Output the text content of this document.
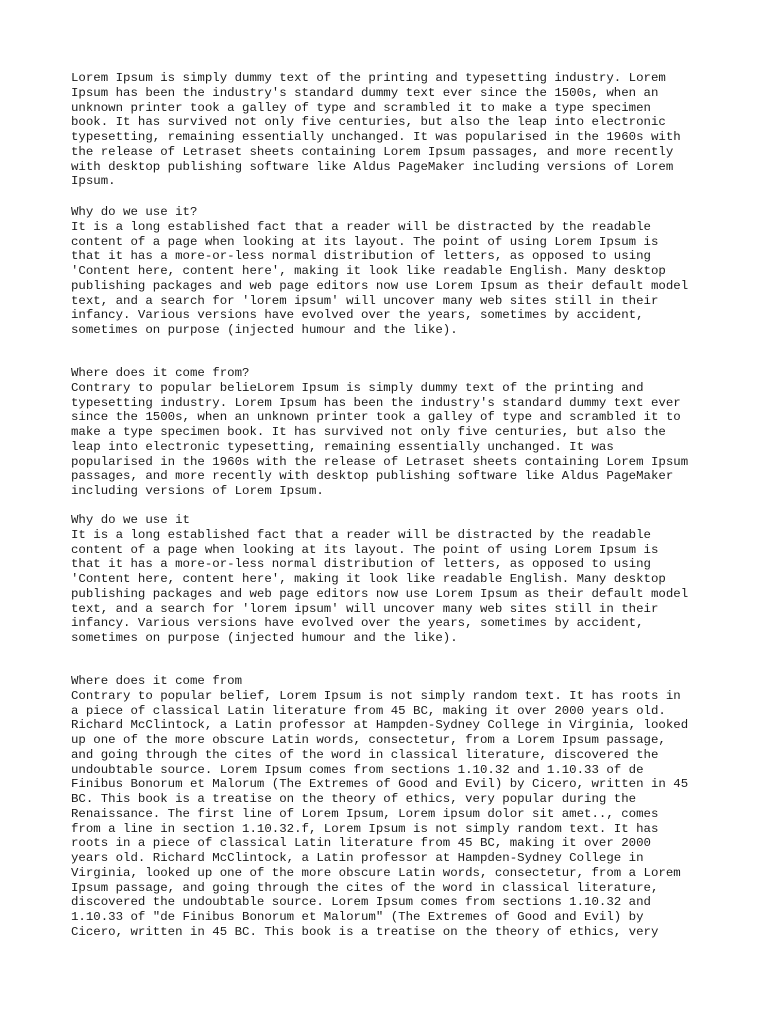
Lorem Ipsum is simply dummy text of the printing and typesetting industry. Lorem
Ipsum has been the industry's standard dummy text ever since the 1500s, when an
unknown printer took a galley of type and scrambled it to make a type specimen
book. It has survived not only five centuries, but also the leap into electronic
typesetting, remaining essentially unchanged. It was popularised in the 1960s with
the release of Letraset sheets containing Lorem Ipsum passages, and more recently
with desktop publishing software like Aldus PageMaker including versions of Lorem
Ipsum.
Why do we use it?
It is a long established fact that a reader will be distracted by the readable
content of a page when looking at its layout. The point of using Lorem Ipsum is
that it has a more-or-less normal distribution of letters, as opposed to using
'Content here, content here', making it look like readable English. Many desktop
publishing packages and web page editors now use Lorem Ipsum as their default model
text, and a search for 'lorem ipsum' will uncover many web sites still in their
infancy. Various versions have evolved over the years, sometimes by accident,
sometimes on purpose (injected humour and the like).
Where does it come from?
Contrary to popular belieLorem Ipsum is simply dummy text of the printing and
typesetting industry. Lorem Ipsum has been the industry's standard dummy text ever
since the 1500s, when an unknown printer took a galley of type and scrambled it to
make a type specimen book. It has survived not only five centuries, but also the
leap into electronic typesetting, remaining essentially unchanged. It was
popularised in the 1960s with the release of Letraset sheets containing Lorem Ipsum
passages, and more recently with desktop publishing software like Aldus PageMaker
including versions of Lorem Ipsum.
Why do we use it
It is a long established fact that a reader will be distracted by the readable
content of a page when looking at its layout. The point of using Lorem Ipsum is
that it has a more-or-less normal distribution of letters, as opposed to using
'Content here, content here', making it look like readable English. Many desktop
publishing packages and web page editors now use Lorem Ipsum as their default model
text, and a search for 'lorem ipsum' will uncover many web sites still in their
infancy. Various versions have evolved over the years, sometimes by accident,
sometimes on purpose (injected humour and the like).
Where does it come from
Contrary to popular belief, Lorem Ipsum is not simply random text. It has roots in
a piece of classical Latin literature from 45 BC, making it over 2000 years old.
Richard McClintock, a Latin professor at Hampden-Sydney College in Virginia, looked
up one of the more obscure Latin words, consectetur, from a Lorem Ipsum passage,
and going through the cites of the word in classical literature, discovered the
undoubtable source. Lorem Ipsum comes from sections 1.10.32 and 1.10.33 of de
Finibus Bonorum et Malorum (The Extremes of Good and Evil) by Cicero, written in 45
BC. This book is a treatise on the theory of ethics, very popular during the
Renaissance. The first line of Lorem Ipsum, Lorem ipsum dolor sit amet.., comes
from a line in section 1.10.32.f, Lorem Ipsum is not simply random text. It has
roots in a piece of classical Latin literature from 45 BC, making it over 2000
years old. Richard McClintock, a Latin professor at Hampden-Sydney College in
Virginia, looked up one of the more obscure Latin words, consectetur, from a Lorem
Ipsum passage, and going through the cites of the word in classical literature,
discovered the undoubtable source. Lorem Ipsum comes from sections 1.10.32 and
1.10.33 of "de Finibus Bonorum et Malorum" (The Extremes of Good and Evil) by
Cicero, written in 45 BC. This book is a treatise on the theory of ethics, very
